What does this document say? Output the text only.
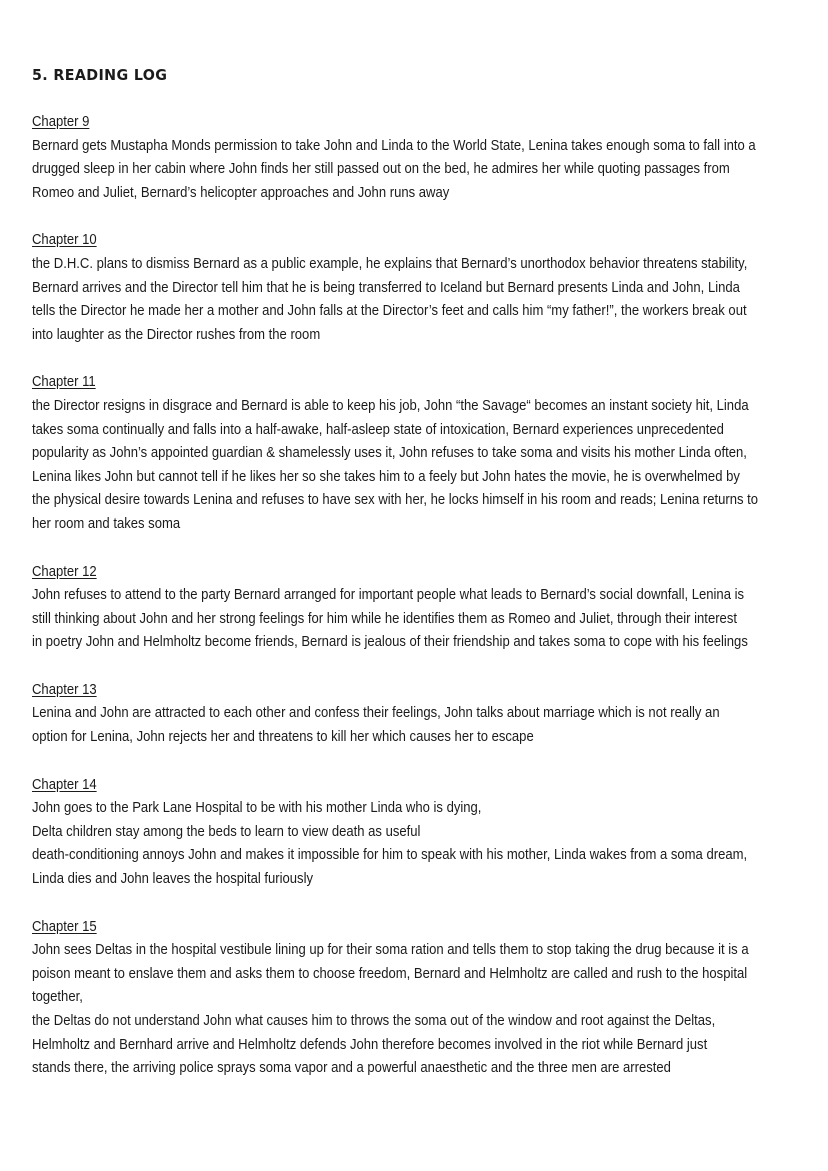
5. READING LOG
Chapter 9
Bernard gets Mustapha Monds permission to take John and Linda to the World State, Lenina takes enough soma to fall into a
drugged sleep in her cabin where John finds her still passed out on the bed, he admires her while quoting passages from
Romeo and Juliet, Bernard’s helicopter approaches and John runs away
Chapter 10
the D.H.C. plans to dismiss Bernard as a public example, he explains that Bernard’s unorthodox behavior threatens stability,
Bernard arrives and the Director tell him that he is being transferred to Iceland but Bernard presents Linda and John, Linda
tells the Director he made her a mother and John falls at the Director’s feet and calls him “my father!”, the workers break out
into laughter as the Director rushes from the room
Chapter 11
the Director resigns in disgrace and Bernard is able to keep his job, John “the Savage“ becomes an instant society hit, Linda
takes soma continually and falls into a half-awake, half-asleep state of intoxication, Bernard experiences unprecedented
popularity as John’s appointed guardian & shamelessly uses it, John refuses to take soma and visits his mother Linda often,
Lenina likes John but cannot tell if he likes her so she takes him to a feely but John hates the movie, he is overwhelmed by
the physical desire towards Lenina and refuses to have sex with her, he locks himself in his room and reads; Lenina returns to
her room and takes soma
Chapter 12
John refuses to attend to the party Bernard arranged for important people what leads to Bernard’s social downfall, Lenina is
still thinking about John and her strong feelings for him while he identifies them as Romeo and Juliet, through their interest
in poetry John and Helmholtz become friends, Bernard is jealous of their friendship and takes soma to cope with his feelings
Chapter 13
Lenina and John are attracted to each other and confess their feelings, John talks about marriage which is not really an
option for Lenina, John rejects her and threatens to kill her which causes her to escape
Chapter 14
John goes to the Park Lane Hospital to be with his mother Linda who is dying,
Delta children stay among the beds to learn to view death as useful
death-conditioning annoys John and makes it impossible for him to speak with his mother, Linda wakes from a soma dream,
Linda dies and John leaves the hospital furiously
Chapter 15
John sees Deltas in the hospital vestibule lining up for their soma ration and tells them to stop taking the drug because it is a
poison meant to enslave them and asks them to choose freedom, Bernard and Helmholtz are called and rush to the hospital
together,
the Deltas do not understand John what causes him to throws the soma out of the window and root against the Deltas,
Helmholtz and Bernhard arrive and Helmholtz defends John therefore becomes involved in the riot while Bernard just
stands there, the arriving police sprays soma vapor and a powerful anaesthetic and the three men are arrested
